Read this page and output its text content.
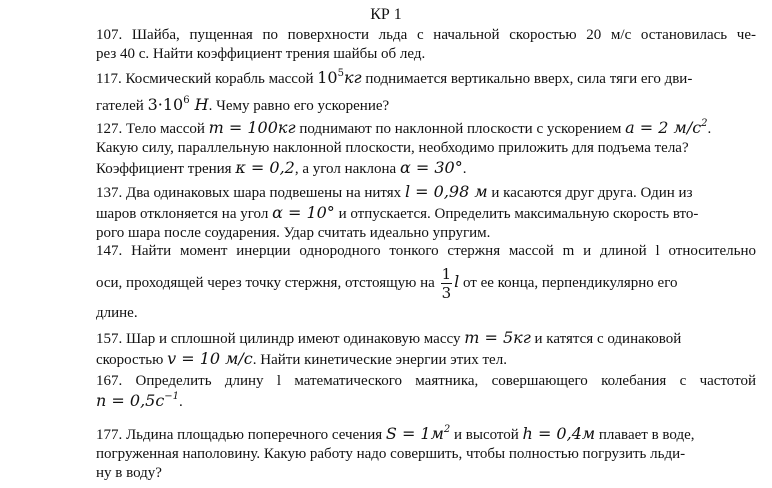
КР 1
107. Шайба, пущенная по поверхности льда с начальной скоростью 20 м/с остановилась че-
рез 40 с. Найти коэффициент трения шайбы об лед.
117. Космический корабль массой $10^5кг$ поднимается вертикально вверх, сила тяги его дви-
гателей $3\cdot 10^6$ Н. Чему равно его ускорение?
127. Тело массой m = 100кг поднимают по наклонной плоскости с ускорением a = 2 $м/с^2$.
Какую силу, параллельную наклонной плоскости, необходимо приложить для подъема тела?
Коэффициент трения κ = 0,2, а угол наклона α = 30°.
137. Два одинаковых шара подвешены на нитях l = 0,98 м и касаются друг друга. Один из
шаров отклоняется на угол α = 10° и отпускается. Определить максимальную скорость вто-
рого шара после соударения. Удар считать идеально упругим.
147. Найти момент инерции однородного тонкого стержня массой m и длиной l относительно
оси, проходящей через точку стержня, отстоящую на $\frac{1}{3}$ l от ее конца, перпендикулярно его
длине.
157. Шар и сплошной цилиндр имеют одинаковую массу m = 5кг и катятся с одинаковой
скоростью v = 10 м/с. Найти кинетические энергии этих тел.
167. Определить длину l математического маятника, совершающего колебания с частотой
$n = 0,5с^{-1}$.
177. Льдина площадью поперечного сечения $S = 1м^2$ и высотой h = 0,4м плавает в воде,
погруженная наполовину. Какую работу надо совершить, чтобы полностью погрузить льди-
ну в воду?
